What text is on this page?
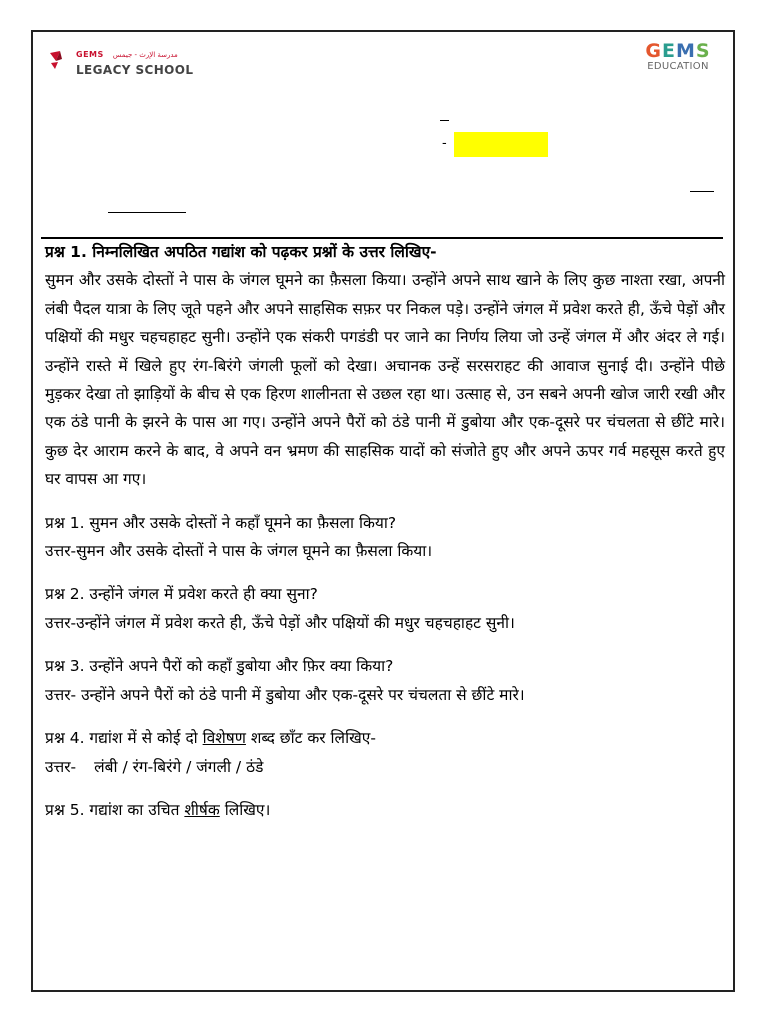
GEMS مدرسة الإرث - جيمس
LEGACY SCHOOL
GEMS
EDUCATION
-
प्रश्न 1. निम्नलिखित अपठित गद्यांश को पढ़कर प्रश्नों के उत्तर लिखिए-
सुमन और उसके दोस्तों ने पास के जंगल घूमने का फ़ैसला किया। उन्होंने अपने साथ खाने के लिए कुछ नाश्ता रखा, अपनी लंबी पैदल यात्रा के लिए जूते पहने और अपने साहसिक सफ़र पर निकल पड़े। उन्होंने जंगल में प्रवेश करते ही, ऊँचे पेड़ों और पक्षियों की मधुर चहचहाहट सुनी। उन्होंने एक संकरी पगडंडी पर जाने का निर्णय लिया जो उन्हें जंगल में और अंदर ले गई। उन्होंने रास्ते में खिले हुए रंग-बिरंगे जंगली फूलों को देखा। अचानक उन्हें सरसराहट की आवाज सुनाई दी। उन्होंने पीछे मुड़कर देखा तो झाड़ियों के बीच से एक हिरण शालीनता से उछल रहा था। उत्साह से, उन सबने अपनी खोज जारी रखी और एक ठंडे पानी के झरने के पास आ गए। उन्होंने अपने पैरों को ठंडे पानी में डुबोया और एक-दूसरे पर चंचलता से छींटे मारे। कुछ देर आराम करने के बाद, वे अपने वन भ्रमण की साहसिक यादों को संजोते हुए और अपने ऊपर गर्व महसूस करते हुए घर वापस आ गए।
प्रश्न 1. सुमन और उसके दोस्तों ने कहाँ घूमने का फ़ैसला किया?
उत्तर-सुमन और उसके दोस्तों ने पास के जंगल घूमने का फ़ैसला किया।
प्रश्न 2. उन्होंने जंगल में प्रवेश करते ही क्या सुना?
उत्तर-उन्होंने जंगल में प्रवेश करते ही, ऊँचे पेड़ों और पक्षियों की मधुर चहचहाहट सुनी।
प्रश्न 3. उन्होंने अपने पैरों को कहाँ डुबोया और फ़िर क्या किया?
उत्तर- उन्होंने अपने पैरों को ठंडे पानी में डुबोया और एक-दूसरे पर चंचलता से छींटे मारे।
प्रश्न 4. गद्यांश में से कोई दो विशेषण शब्द छाँट कर लिखिए-
उत्तर- लंबी / रंग-बिरंगे / जंगली / ठंडे
प्रश्न 5. गद्यांश का उचित शीर्षक लिखिए।
